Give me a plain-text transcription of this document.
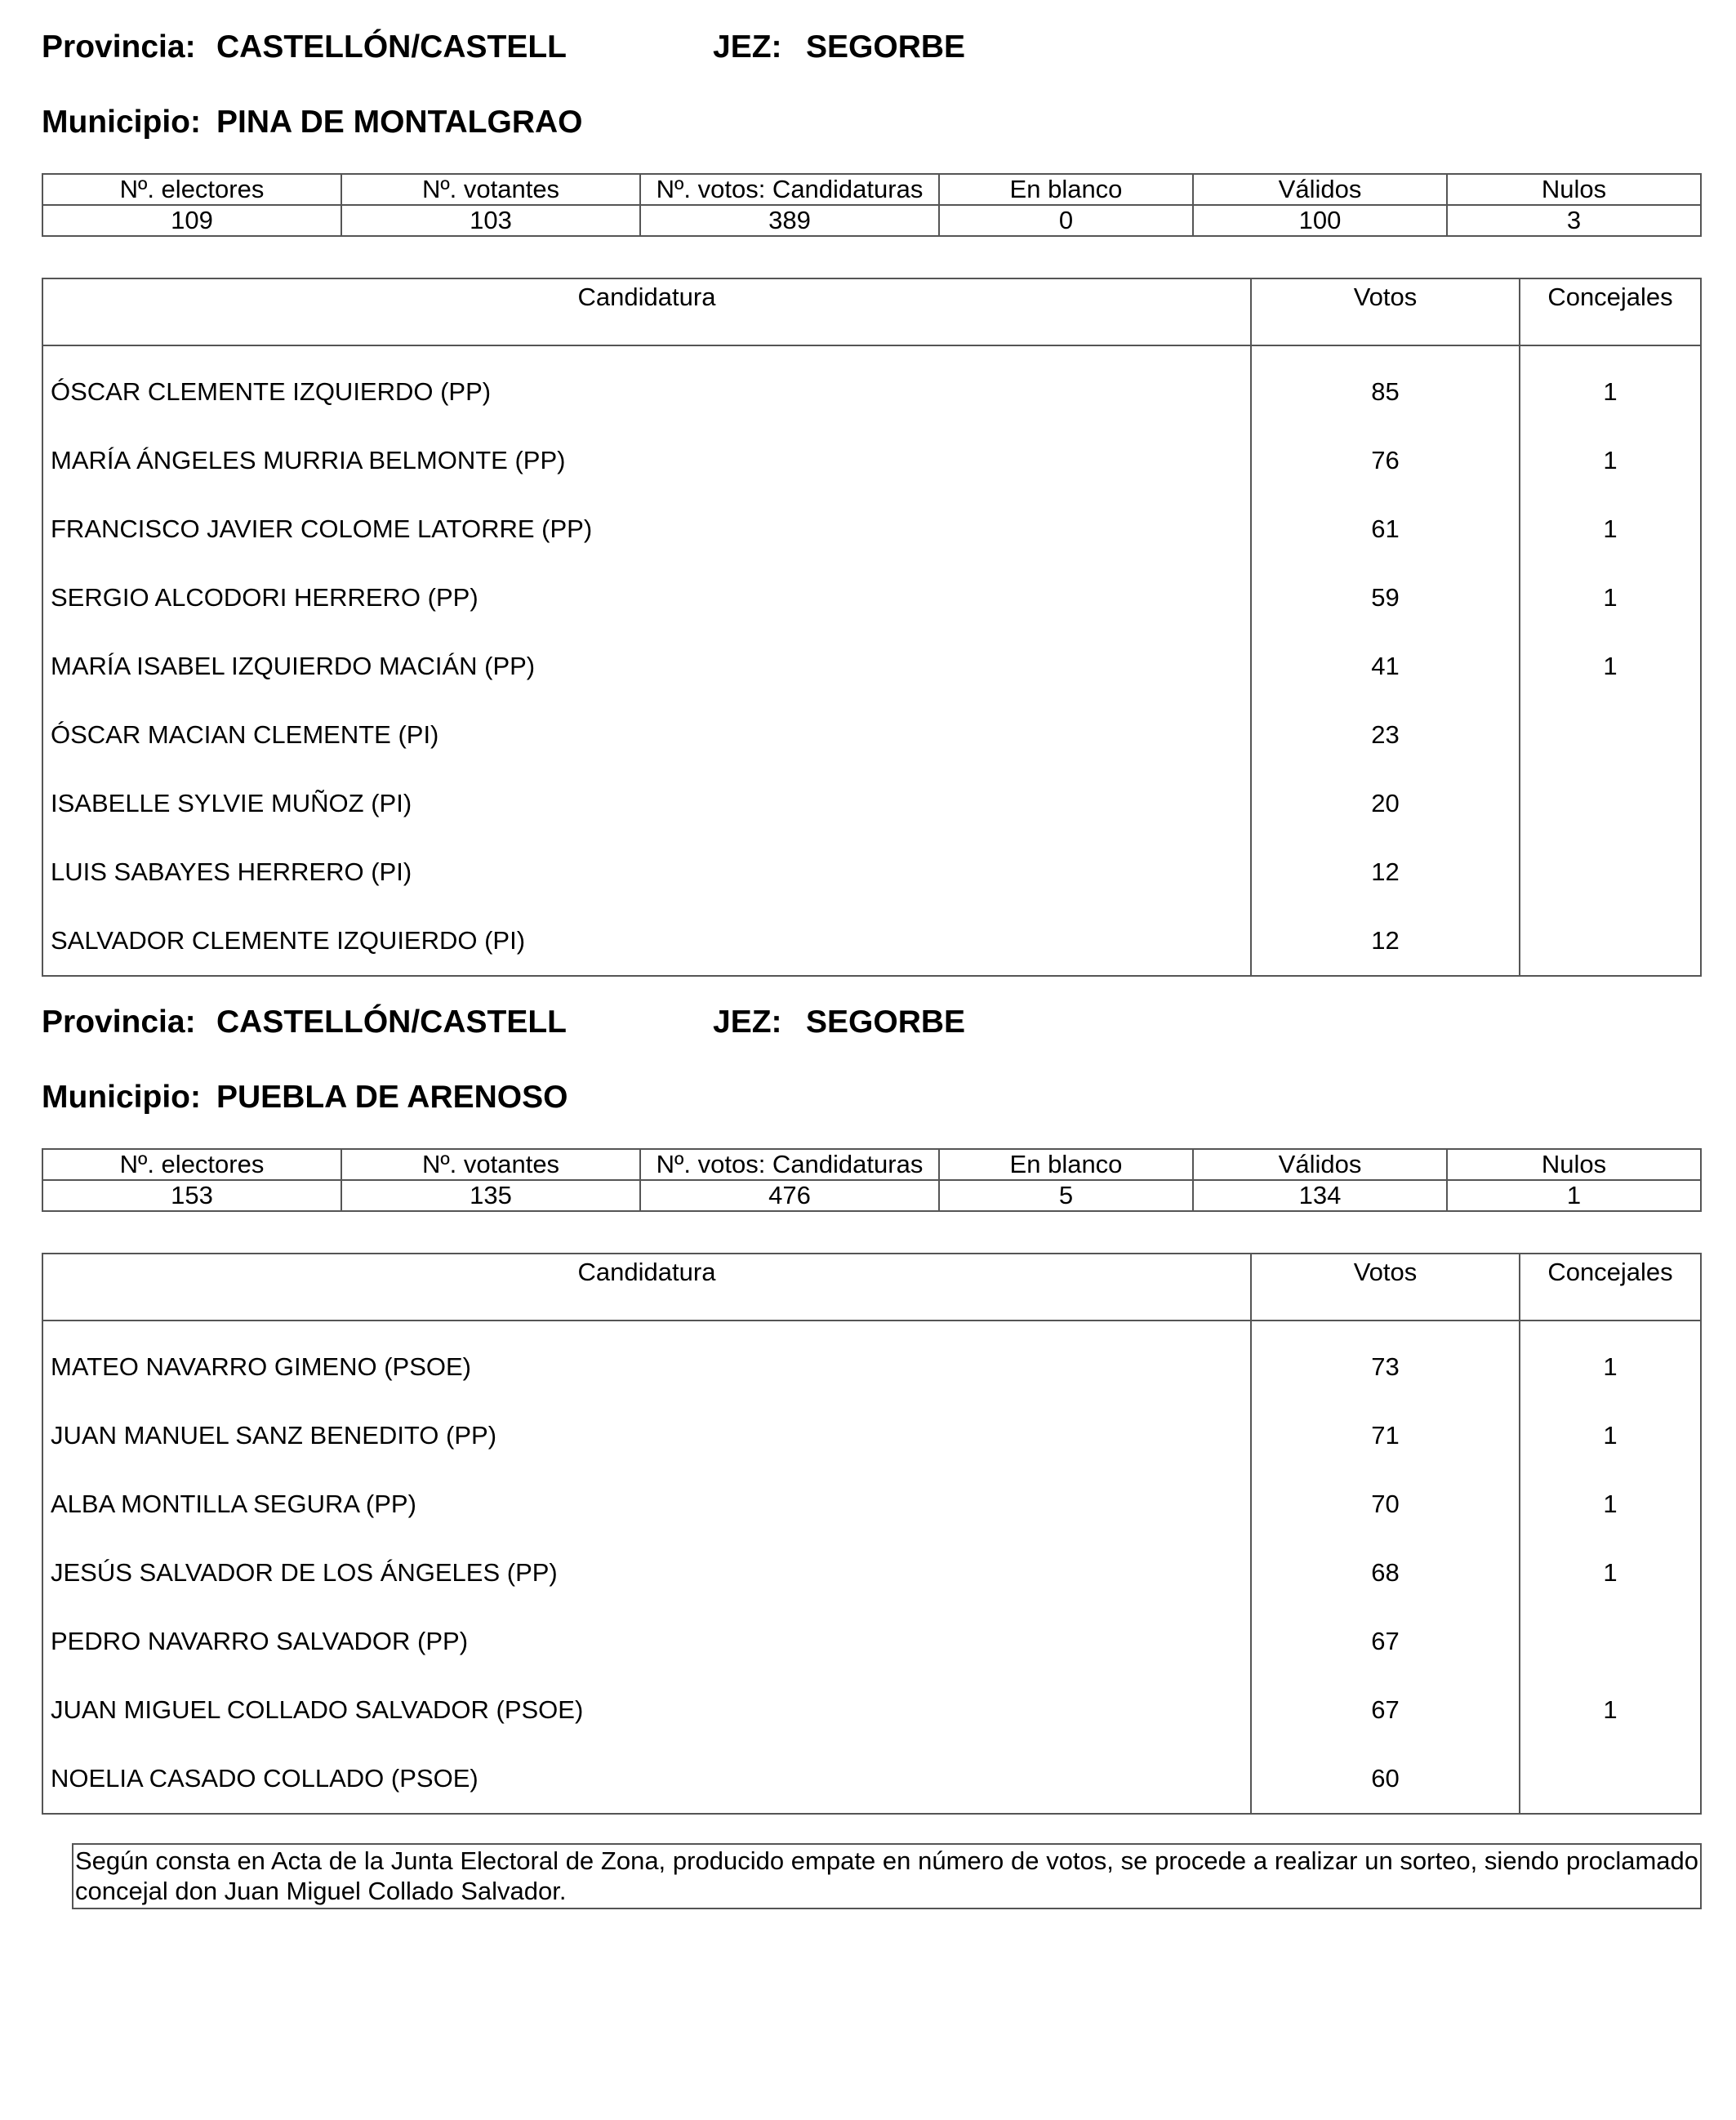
Provincia: CASTELLÓN/CASTELL	JEZ: SEGORBE
Municipio: PINA DE MONTALGRAO
Nº. electores	Nº. votantes	Nº. votos: Candidaturas	En blanco	Válidos	Nulos
109	103	389	0	100	3
Candidatura	Votos	Concejales

ÓSCAR CLEMENTE IZQUIERDO (PP)	85	1
MARÍA ÁNGELES MURRIA BELMONTE (PP)	76	1
FRANCISCO JAVIER COLOME LATORRE (PP)	61	1
SERGIO ALCODORI HERRERO (PP)	59	1
MARÍA ISABEL IZQUIERDO MACIÁN (PP)	41	1
ÓSCAR MACIAN CLEMENTE (PI)	23	
ISABELLE SYLVIE MUÑOZ (PI)	20	
LUIS SABAYES HERRERO (PI)	12	
SALVADOR CLEMENTE IZQUIERDO (PI)	12	
Provincia: CASTELLÓN/CASTELL	JEZ: SEGORBE
Municipio: PUEBLA DE ARENOSO
Nº. electores	Nº. votantes	Nº. votos: Candidaturas	En blanco	Válidos	Nulos
153	135	476	5	134	1
Candidatura	Votos	Concejales

MATEO NAVARRO GIMENO (PSOE)	73	1
JUAN MANUEL SANZ BENEDITO (PP)	71	1
ALBA MONTILLA SEGURA (PP)	70	1
JESÚS SALVADOR DE LOS ÁNGELES (PP)	68	1
PEDRO NAVARRO SALVADOR (PP)	67	
JUAN MIGUEL COLLADO SALVADOR (PSOE)	67	1
NOELIA CASADO COLLADO (PSOE)	60	
Según consta en Acta de la Junta Electoral de Zona, producido empate en número de votos, se procede a realizar un sorteo, siendo proclamado concejal don Juan Miguel Collado Salvador.
